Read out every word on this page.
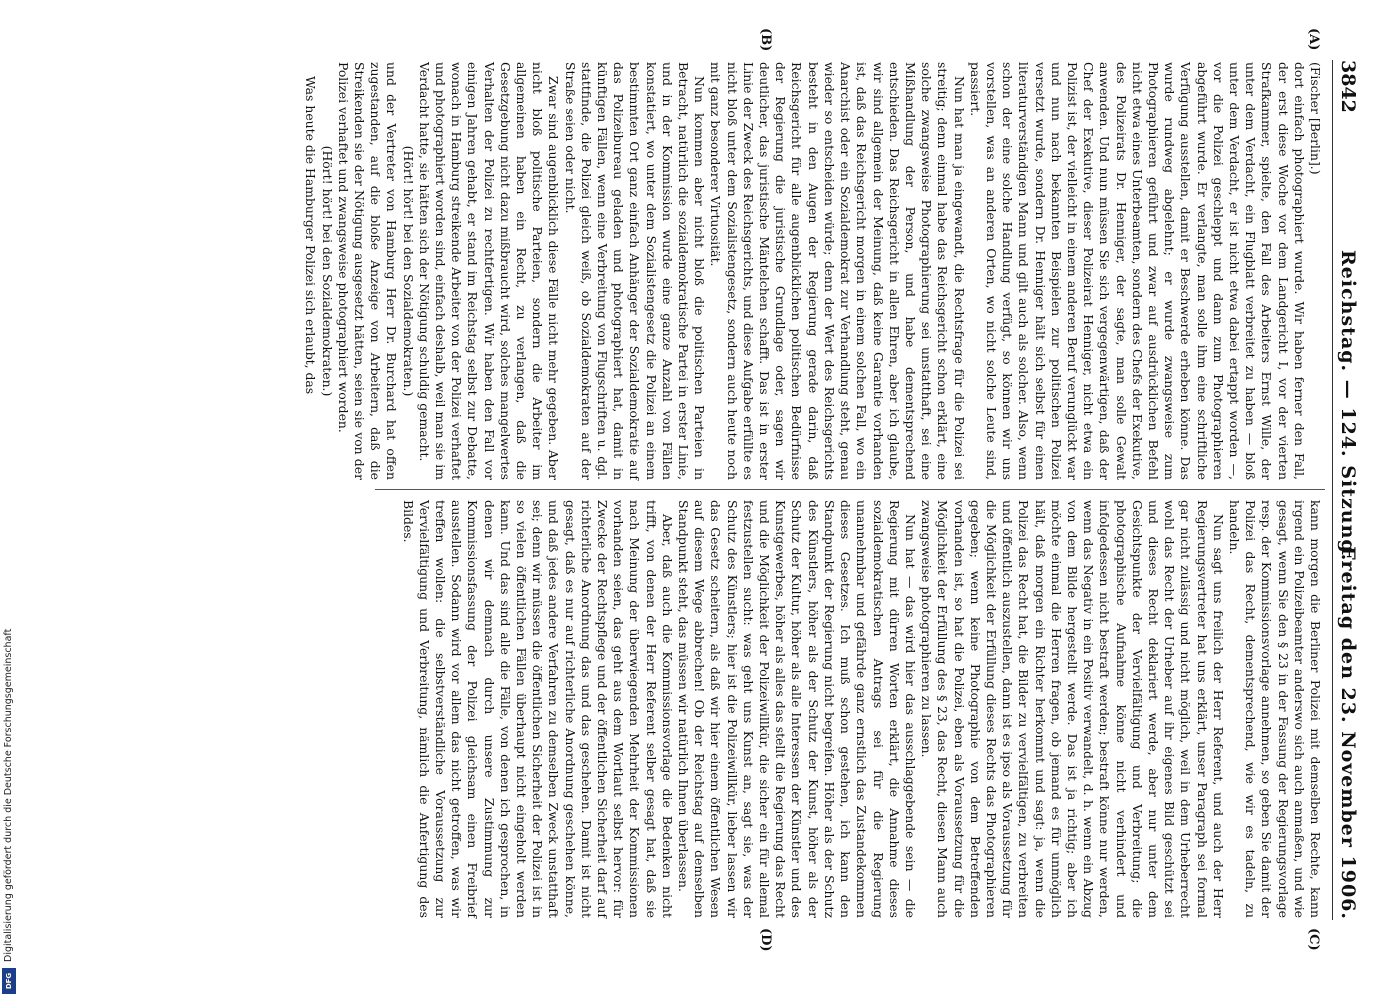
3842
Reichstag. — 124. Sitzung.
Freitag den 23. November 1906.
(A)
(B)
(C)
(D)

(Fischer [Berlin].)

dort einfach photographiert wurde. Wir haben ferner den Fall, der erst diese Woche vor dem Landgericht I, vor der vierten Strafkammer, spielte, den Fall des Arbeiters Ernst Wille, der unter dem Verdacht, ein Flugblatt verbreitet zu haben — bloß unter dem Verdacht, er ist nicht etwa dabei ertappt worden —, vor die Polizei geschleppt und dann zum Photographieren abgeführt wurde. Er verlangte, man solle ihm eine schriftliche Verfügung ausstellen, damit er Beschwerde erheben könne. Das wurde rundweg abgelehnt; er wurde zwangsweise zum Photographieren geführt und zwar auf ausdrücklichen Befehl nicht etwa eines Unterbeamten, sondern des Chefs der Exekutive, des Polizeirats Dr. Henniger, der sagte, man solle Gewalt anwenden. Und nun müssen Sie sich vergegenwärtigen, daß der Chef der Exekutive, dieser Polizeirat Henniger, nicht etwa ein Polizist ist, der vielleicht in einem anderen Beruf verunglückt war und nun nach bekannten Beispielen zur politischen Polizei versetzt wurde, sondern Dr. Henniger hält sich selbst für einen literaturverständigen Mann und gilt auch als solcher. Also, wenn schon der eine solche Handlung verfügt, so können wir uns vorstellen, was an anderen Orten, wo nicht solche Leute sind, passiert.

Nun hat man ja eingewandt, die Rechtsfrage für die Polizei sei streitig; denn einmal habe das Reichsgericht schon erklärt, eine solche zwangsweise Photographierung sei unstatthaft, sei eine Mißhandlung der Person, und habe dementsprechend entschieden. Das Reichsgericht in allen Ehren, aber ich glaube, wir sind allgemein der Meinung, daß keine Garantie vorhanden ist, daß das Reichsgericht morgen in einem solchen Fall, wo ein Anarchist oder ein Sozialdemokrat zur Verhandlung steht, genau wieder so entscheiden würde; denn der Wert des Reichsgerichts besteht in den Augen der Regierung gerade darin, daß Reichsgericht für alle augenblicklichen politischen Bedürfnisse der Regierung die juristische Grundlage oder, sagen wir deutlicher, das juristische Mäntelchen schafft. Das ist in erster Linie der Zweck des Reichsgerichts, und diese Aufgabe erfüllte es nicht bloß unter dem Sozialistengesetz, sondern auch heute noch mit ganz besonderer Virtuosität.

Nun kommen aber nicht bloß die politischen Parteien in Betracht, natürlich die sozialdemokratische Partei in erster Linie, und in der Kommission wurde eine ganze Anzahl von Fällen konstatiert, wo unter dem Sozialistengesetz die Polizei an einem bestimmten Ort ganz einfach Anhänger der Sozialdemokratie auf das Polizeibureau geladen und photographiert hat, damit in künftigen Fällen, wenn eine Verbreitung von Flugschriften u. dgl. stattfinde, die Polizei gleich weiß, ob Sozialdemokraten auf der Straße seien oder nicht.

Zwar sind augenblicklich diese Fälle nicht mehr gegeben. Aber nicht bloß politische Parteien, sondern die Arbeiter im allgemeinen haben ein Recht, zu verlangen, daß die Gesetzgebung nicht dazu mißbraucht wird, solches mangelwertes Verhalten der Polizei zu rechtfertigen. Wir haben den Fall vor einigen Jahren gehabt, er stand im Reichstag selbst zur Debatte, wonach in Hamburg streikende Arbeiter von der Polizei verhaftet und photographiert worden sind, einfach deshalb, weil man sie im Verdacht hatte, sie hätten sich der Nötigung schuldig gemacht.

(Hört! hört! bei den Sozialdemokraten.)

und der Vertreter von Hamburg Herr Dr. Burchard hat offen zugestanden, auf die bloße Anzeige von Arbeitern, daß die Streikenden sie der Nötigung ausgesetzt hätten, seien sie von der Polizei verhaftet und zwangsweise photographiert worden.

(Hört! hört! bei den Sozialdemokraten.)

Was heute die Hamburger Polizei sich erlaubt, das

kann morgen die Berliner Polizei mit demselben Rechte, kann irgend ein Polizeibeamter anderswo sich auch anmaßen, und wie gesagt, wenn Sie den § 23 in der Fassung der Regierungsvorlage resp. der Kommissionsvorlage annehmen, so geben Sie damit der Polizei das Recht, dementsprechend, wie wir es tadeln, zu handeln.

Nun sagt uns freilich der Herr Referent, und auch der Herr Regierungsvertreter hat uns erklärt, unser Paragraph sei formal gar nicht zulässig und nicht möglich, weil in dem Urheberrecht wohl das Recht der Urheber auf ihr eigenes Bild geschützt sei und dieses Recht deklariert werde, aber nur unter dem Gesichtspunkte der Vervielfältigung und Verbreitung; die photographische Aufnahme könne nicht verhindert und infolgedessen nicht bestraft werden; bestraft könne nur werden, wenn das Negativ in ein Positiv verwandelt, d. h. wenn ein Abzug von dem Bilde hergestellt werde. Das ist ja richtig; aber ich möchte einmal die Herren fragen, ob jemand es für unmöglich hält, daß morgen ein Richter herkommt und sagt: ja, wenn die Polizei das Recht hat, die Bilder zu vervielfältigen, zu verbreiten und öffentlich auszustellen, dann ist es ipso als Voraussetzung für die Möglichkeit der Erfüllung dieses Rechts das Photographieren gegeben; wenn keine Photographie von dem Betreffenden vorhanden ist, so hat die Polizei, eben als Voraussetzung für die Möglichkeit der Erfüllung des § 23, das Recht, diesen Mann auch zwangsweise photographieren zu lassen.

Nun hat — das wird hier das ausschlaggebende sein — die Regierung mit dürren Worten erklärt, die Annahme dieses sozialdemokratischen Antrags sei für die Regierung unannehmbar und gefährde ganz ernstlich das Zustandekommen dieses Gesetzes. Ich muß schon gestehen, ich kann den Standpunkt der Regierung nicht begreifen. Höher als der Schutz des Künstlers, höher als der Schutz der Kunst, höher als der Schutz der Kultur, höher als alle Interessen der Künstler und des Kunstgewerbes, höher als alles das stellt die Regierung das Recht und die Möglichkeit der Polizeiwillkür, die sicher ein für allemal festzustellen sucht: was geht uns Kunst an, sagt sie, was der Schutz des Künstlers; hier ist die Polizeiwillkür, lieber lassen wir das Gesetz scheitern, als daß wir hier einem öffentlichen Wesen auf diesem Wege abbrechen! Ob der Reichstag auf demselben Standpunkt steht, das müssen wir natürlich Ihnen überlassen.

Aber, daß auch die Kommissionsvorlage die Bedenken nicht trifft, von denen der Herr Referent selber gesagt hat, daß sie nach Meinung der überwiegenden Mehrheit der Kommissionen vorhanden seien, das geht aus dem Wortlaut selbst hervor: für Zwecke der Rechtspflege und der öffentlichen Sicherheit darf auf richterliche Anordnung das und das geschehen. Damit ist nicht gesagt, daß es nur auf richterliche Anordnung geschehen könne, und daß jedes andere Verfahren zu demselben Zweck unstatthaft sei; denn wir müssen die öffentlichen Sicherheit der Polizei ist in so vielen öffentlichen Fällen überhaupt nicht eingeholt werden kann. Und das sind alle die Fälle, von denen ich gesprochen, in denen wir demnach durch unsere Zustimmung zur Kommissionsfassung der Polizei gleichsam einen Freibrief ausstellen. Sodann wird vor allem das nicht getroffen, was wir treffen wollen: die selbstverständliche Voraussetzung zur Vervielfältigung und Verbreitung, nämlich die Anfertigung des Bildes.

Digitalisierung gefördert durch die Deutsche Forschungsgemeinschaft
DFG
